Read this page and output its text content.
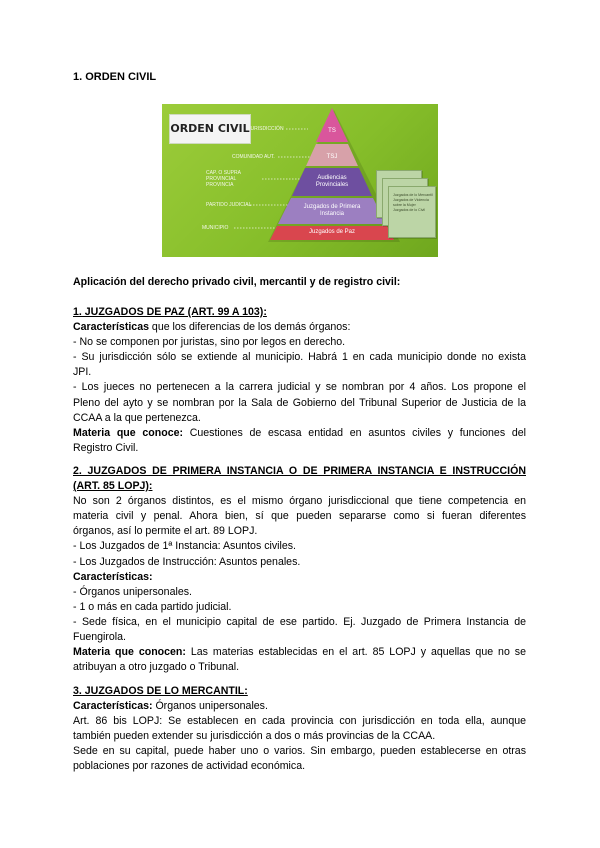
1. ORDEN CIVIL
ORDEN CIVIL
JURISDICCIÓN
COMUNIDAD AUT.
CAP. O SUPRA PROVINCIAL PROVINCIA
PARTIDO JUDICIAL
MUNICIPIO
TS
TSJ
Audiencias Provinciales
Juzgados de Primera Instancia
Juzgados de Paz
Juzgados de lo Mercantil
Juzgados de Violencia sobre la Mujer
Juzgados de lo Civil
Aplicación del derecho privado civil, mercantil y de registro civil:
1. JUZGADOS DE PAZ (ART. 99 A 103):
Características que los diferencias de los demás órganos:
- No se componen por juristas, sino por legos en derecho.
- Su jurisdicción sólo se extiende al municipio. Habrá 1 en cada municipio donde no exista
JPI.
- Los jueces no pertenecen a la carrera judicial y se nombran por 4 años. Los propone el
Pleno del ayto y se nombran por la Sala de Gobierno del Tribunal Superior de Justicia de la
CCAA a la que pertenezca.
Materia que conoce: Cuestiones de escasa entidad en asuntos civiles y funciones del
Registro Civil.
2. JUZGADOS DE PRIMERA INSTANCIA O DE PRIMERA INSTANCIA E INSTRUCCIÓN
(ART. 85 LOPJ):
No son 2 órganos distintos, es el mismo órgano jurisdiccional que tiene competencia en
materia civil y penal. Ahora bien, sí que pueden separarse como si fueran diferentes
órganos, así lo permite el art. 89 LOPJ.
- Los Juzgados de 1ª Instancia: Asuntos civiles.
- Los Juzgados de Instrucción: Asuntos penales.
Características:
- Órganos unipersonales.
- 1 o más en cada partido judicial.
- Sede física, en el municipio capital de ese partido. Ej. Juzgado de Primera Instancia de
Fuengirola.
Materia que conocen: Las materias establecidas en el art. 85 LOPJ y aquellas que no se
atribuyan a otro juzgado o Tribunal.
3. JUZGADOS DE LO MERCANTIL:
Características: Órganos unipersonales.
Art. 86 bis LOPJ: Se establecen en cada provincia con jurisdicción en toda ella, aunque
también pueden extender su jurisdicción a dos o más provincias de la CCAA.
Sede en su capital, puede haber uno o varios. Sin embargo, pueden establecerse en otras
poblaciones por razones de actividad económica.
